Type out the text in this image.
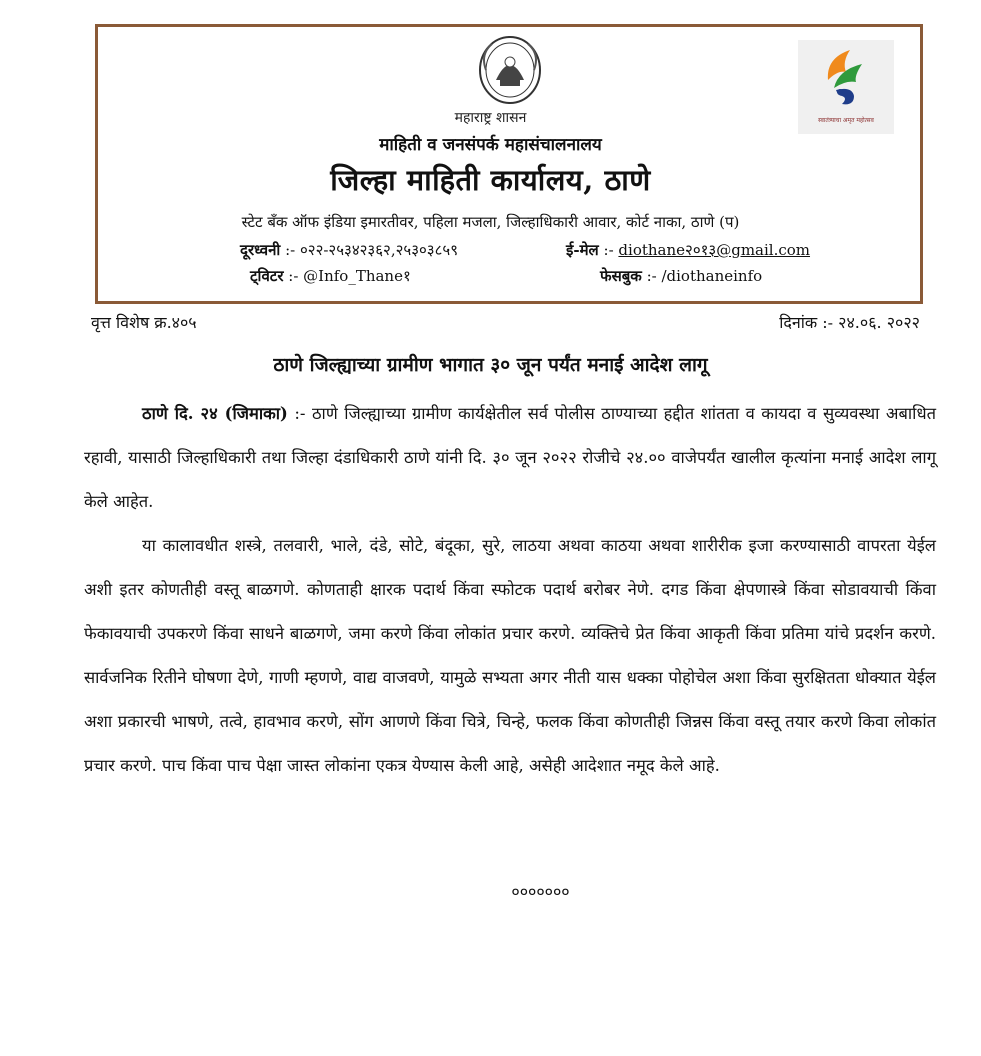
महाराष्ट्र शासन
माहिती व जनसंपर्क महासंचालनालय
जिल्हा माहिती कार्यालय, ठाणे
स्टेट बँक ऑफ इंडिया इमारतीवर, पहिला मजला, जिल्हाधिकारी आवार, कोर्ट नाका, ठाणे (प)
दूरध्वनी :- ०२२-२५३४२३६२,२५३०३८५९	ई-मेल :- diothane२०१३@gmail.com
ट्विटर :- @Info_Thane१	फेसबुक :- /diothaneinfo
स्वातंत्र्याचा अमृत महोत्सव
वृत्त विशेष क्र.४०५	दिनांक :- २४.०६. २०२२
ठाणे जिल्ह्याच्या ग्रामीण भागात ३० जून पर्यंत मनाई आदेश लागू

ठाणे दि. २४ (जिमाका) :- ठाणे जिल्ह्याच्या ग्रामीण कार्यक्षेतील सर्व पोलीस ठाण्याच्या हद्दीत शांतता व कायदा व सुव्यवस्था अबाधित रहावी, यासाठी जिल्हाधिकारी तथा जिल्हा दंडाधिकारी ठाणे यांनी दि. ३० जून २०२२ रोजीचे २४.०० वाजेपर्यंत खालील कृत्यांना मनाई आदेश लागू केले आहेत.

या कालावधीत शस्त्रे, तलवारी, भाले, दंडे, सोटे, बंदूका, सुरे, लाठया अथवा काठया अथवा शारीरीक इजा करण्यासाठी वापरता येईल अशी इतर कोणतीही वस्तू बाळगणे. कोणताही क्षारक पदार्थ किंवा स्फोटक पदार्थ बरोबर नेणे. दगड किंवा क्षेपणास्त्रे किंवा सोडावयाची किंवा फेकावयाची उपकरणे किंवा साधने बाळगणे, जमा करणे किंवा लोकांत प्रचार करणे. व्यक्तिचे प्रेत किंवा आकृती किंवा प्रतिमा यांचे प्रदर्शन करणे. सार्वजनिक रितीने घोषणा देणे, गाणी म्हणणे, वाद्य वाजवणे, यामुळे सभ्यता अगर नीती यास धक्का पोहोचेल अशा किंवा सुरक्षितता धोक्यात येईल अशा प्रकारची भाषणे, तत्वे, हावभाव करणे, सोंग आणणे किंवा चित्रे, चिन्हे, फलक किंवा कोणतीही जिन्नस किंवा वस्तू तयार करणे किवा लोकांत प्रचार करणे. पाच किंवा पाच पेक्षा जास्त लोकांना एकत्र येण्यास केली आहे, असेही आदेशात नमूद केले आहे.

०००००००
